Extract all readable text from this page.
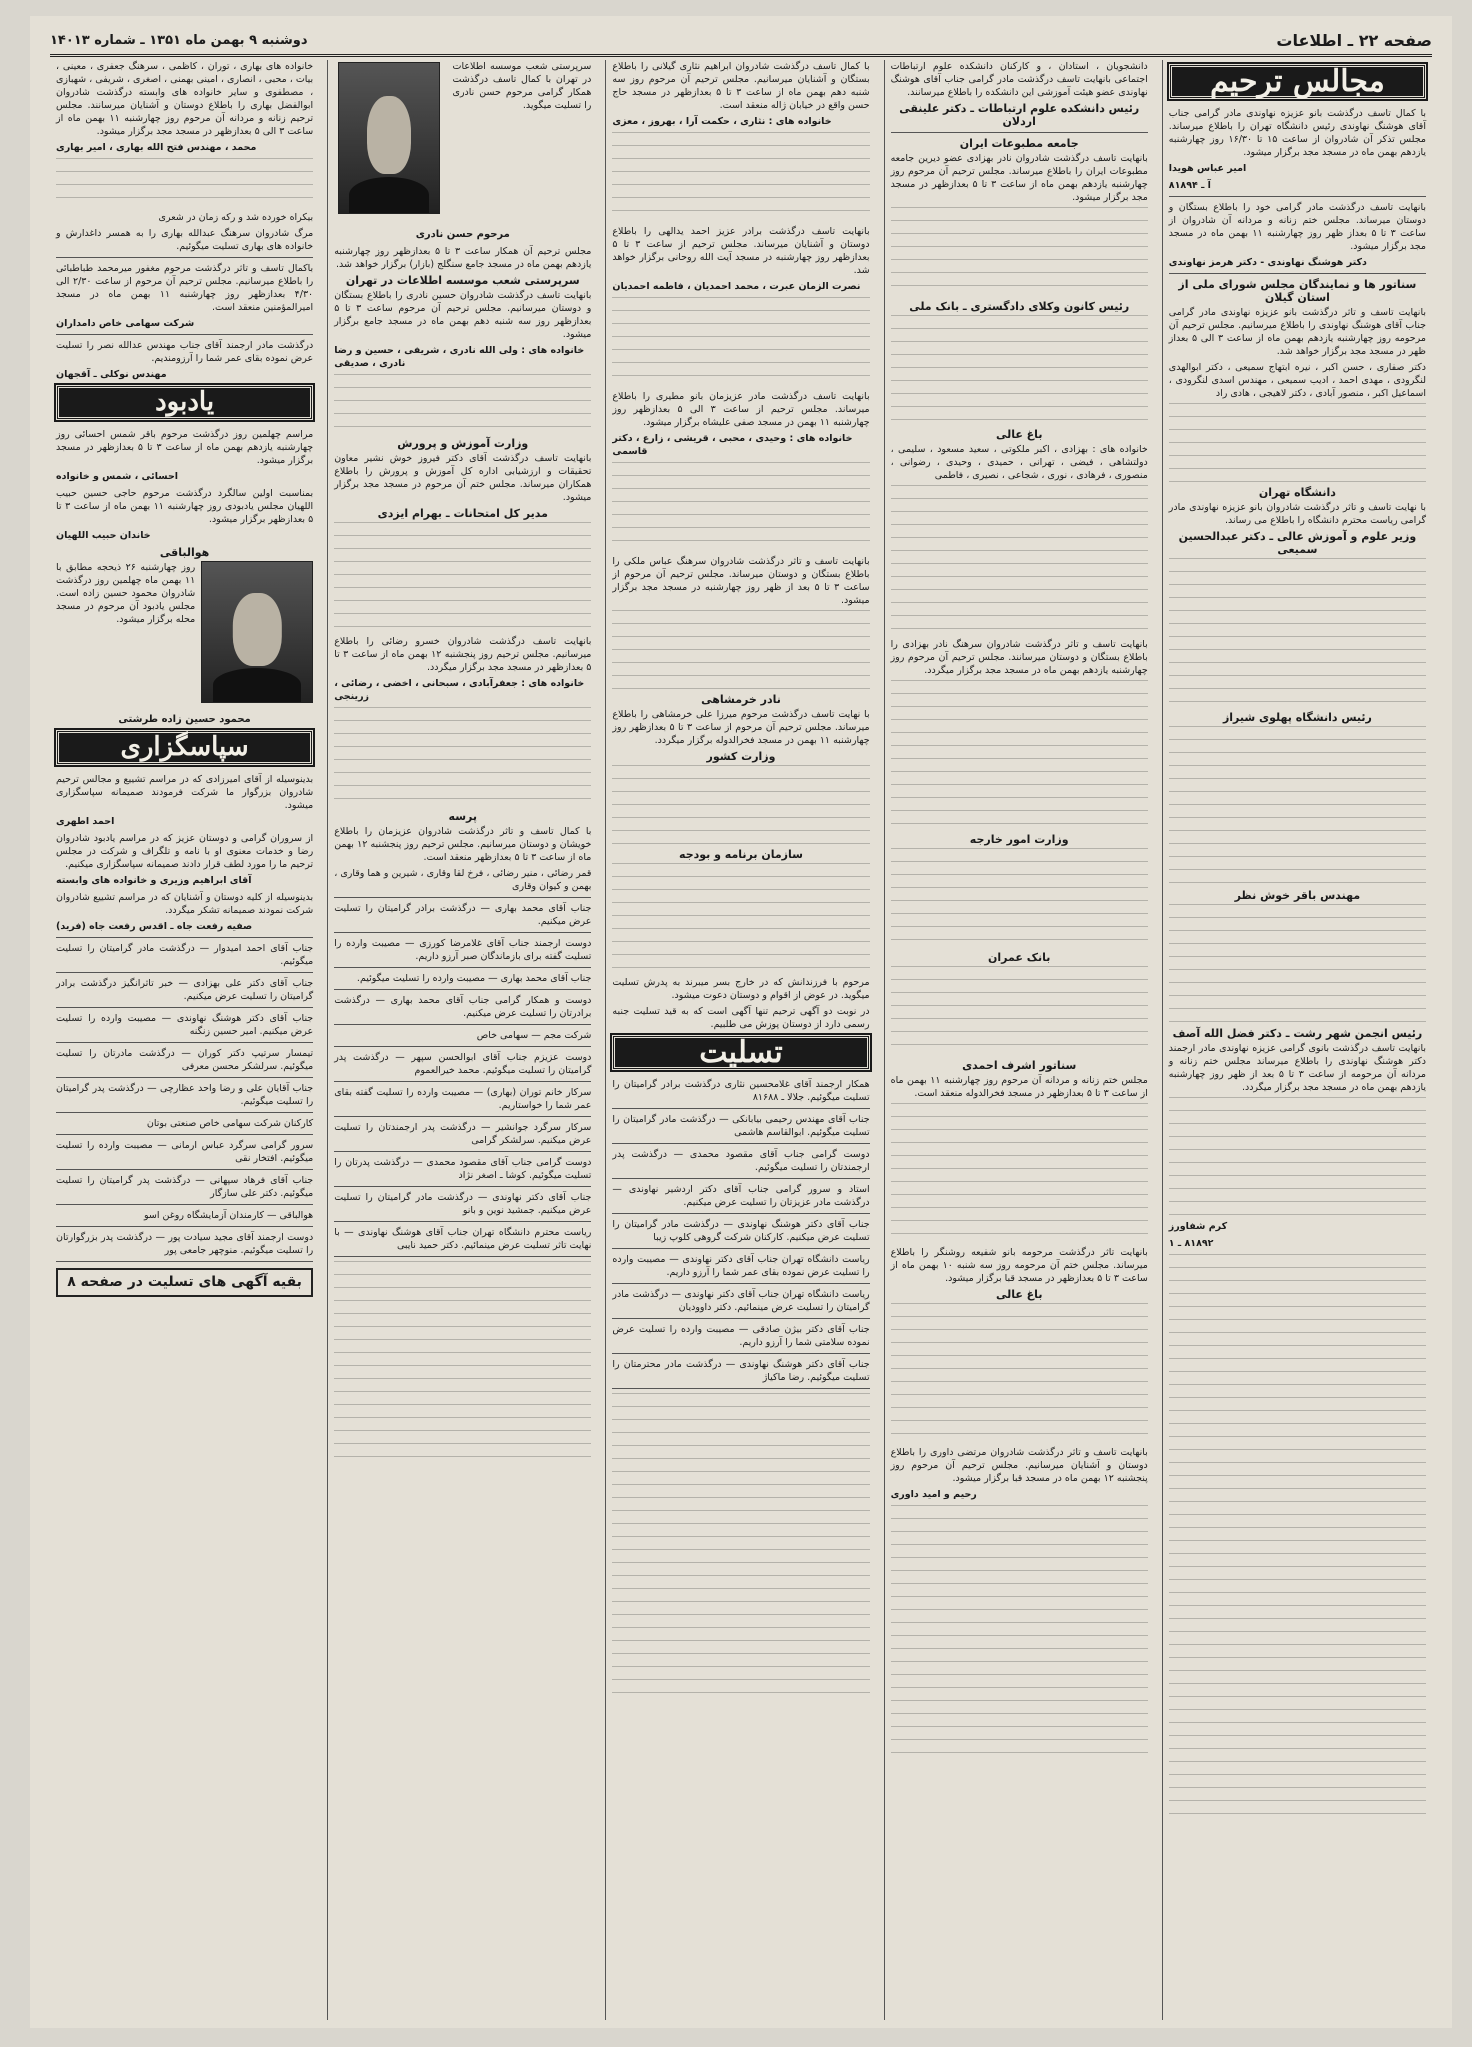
صفحه ۲۲ ـ اطلاعات
دوشنبه ۹ بهمن ماه ۱۳۵۱ ـ شماره ۱۴۰۱۳
مجالس ترحیم

با کمال تاسف درگذشت بانو عزیزه نهاوندی مادر گرامی جناب آقای هوشنگ نهاوندی رئیس دانشگاه تهران را باطلاع میرساند. مجلس تذکر آن شادروان از ساعت ۱۵ تا ۱۶/۳۰ روز چهارشنبه یازدهم بهمن ماه در مسجد مجد برگزار میشود.

امیر عباس هویدا

آ ـ ۸۱۸۹۴

بانهایت تاسف درگذشت مادر گرامی خود را باطلاع بستگان و دوستان میرساند. مجلس ختم زنانه و مردانه آن شادروان از ساعت ۳ تا ۵ بعداز ظهر روز چهارشنبه ۱۱ بهمن ماه در مسجد مجد برگزار میشود.

دکتر هوشنگ نهاوندی - دکتر هرمز نهاوندی

سناتور ها و نمایندگان مجلس شورای ملی از استان گیلان

بانهایت تاسف و تاثر درگذشت بانو عزیزه نهاوندی مادر گرامی جناب آقای هوشنگ نهاوندی را باطلاع میرسانیم. مجلس ترحیم آن مرحومه روز چهارشنبه یازدهم بهمن ماه از ساعت ۳ الی ۵ بعداز ظهر در مسجد مجد برگزار خواهد شد.

دکتر صفاری ، حسن اکبر ، نیره ابتهاج سمیعی ، دکتر ابوالهدی لنگرودی ، مهدی احمد ، ادیب سمیعی ، مهندس اسدی لنگرودی ، اسماعیل اکبر ، منصور آبادی ، دکتر لاهیجی ، هادی راد

دانشگاه تهران

با نهایت تاسف و تاثر درگذشت شادروان بانو عزیزه نهاوندی مادر گرامی ریاست محترم دانشگاه را باطلاع می رساند.

وزیر علوم و آموزش عالی ـ دکتر عبدالحسین سمیعی
رئیس دانشگاه پهلوی شیراز
مهندس باقر خوش نظر
رئیس انجمن شهر رشت ـ دکتر فضل الله آصف

بانهایت تاسف درگذشت بانوی گرامی عزیزه نهاوندی مادر ارجمند دکتر هوشنگ نهاوندی را باطلاع میرساند مجلس ختم زنانه و مردانه آن مرحومه از ساعت ۳ تا ۵ بعد از ظهر روز چهارشنبه یازدهم بهمن ماه در مسجد مجد برگزار میگردد.

کرم شفاورز

۸۱۸۹۲ ـ ۱

دانشجویان ، استادان ، و کارکنان دانشکده علوم ارتباطات اجتماعی بانهایت تاسف درگذشت مادر گرامی جناب آقای هوشنگ نهاوندی عضو هیئت آموزشی این دانشکده را باطلاع میرسانند.

رئیس دانشکده علوم ارتباطات ـ دکتر علینقی اردلان
جامعه مطبوعات ایران

بانهایت تاسف درگذشت شادروان نادر بهزادی عضو دیرین جامعه مطبوعات ایران را باطلاع میرساند. مجلس ترحیم آن مرحوم روز چهارشنبه یازدهم بهمن ماه از ساعت ۳ تا ۵ بعدازظهر در مسجد مجد برگزار میشود.

رئیس کانون وکلای دادگستری ـ بانک ملی
باغ عالی

خانواده های : بهزادی ، اکبر ملکوتی ، سعید مسعود ، سلیمی ، دولتشاهی ، فیضی ، تهرانی ، حمیدی ، وحیدی ، رضوانی ، منصوری ، فرهادی ، نوری ، شجاعی ، نصیری ، فاطمی

بانهایت تاسف و تاثر درگذشت شادروان سرهنگ نادر بهزادی را باطلاع بستگان و دوستان میرسانند. مجلس ترحیم آن مرحوم روز چهارشنبه یازدهم بهمن ماه در مسجد مجد برگزار میگردد.

وزارت امور خارجه
بانک عمران
سناتور اشرف احمدی

مجلس ختم زنانه و مردانه آن مرحوم روز چهارشنبه ۱۱ بهمن ماه از ساعت ۳ تا ۵ بعدازظهر در مسجد فخرالدوله منعقد است.

بانهایت تاثر درگذشت مرحومه بانو شفیعه روشنگر را باطلاع میرساند. مجلس ختم آن مرحومه روز سه شنبه ۱۰ بهمن ماه از ساعت ۳ تا ۵ بعدازظهر در مسجد قبا برگزار میشود.

باغ عالی

بانهایت تاسف و تاثر درگذشت شادروان مرتضی داوری را باطلاع دوستان و آشنایان میرسانیم. مجلس ترحیم آن مرحوم روز پنجشنبه ۱۲ بهمن ماه در مسجد قبا برگزار میشود.

رحیم و امید داوری

با کمال تاسف درگذشت شادروان ابراهیم نثاری گیلانی را باطلاع بستگان و آشنایان میرسانیم. مجلس ترحیم آن مرحوم روز سه شنبه دهم بهمن ماه از ساعت ۳ تا ۵ بعدازظهر در مسجد حاج حسن واقع در خیابان ژاله منعقد است.

خانواده های : نثاری ، حکمت آرا ، بهروز ، معزی

بانهایت تاسف درگذشت برادر عزیز احمد یدالهی را باطلاع دوستان و آشنایان میرساند. مجلس ترحیم از ساعت ۳ تا ۵ بعدازظهر روز چهارشنبه در مسجد آیت الله روحانی برگزار خواهد شد.

نصرت الزمان عبرت ، محمد احمدیان ، فاطمه احمدیان

بانهایت تاسف درگذشت مادر عزیزمان بانو مطیری را باطلاع میرساند. مجلس ترحیم از ساعت ۳ الی ۵ بعدازظهر روز چهارشنبه ۱۱ بهمن در مسجد صفی علیشاه برگزار میشود.

خانواده های : وحیدی ، محبی ، قریشی ، زارع ، دکتر قاسمی

بانهایت تاسف و تاثر درگذشت شادروان سرهنگ عباس ملکی را باطلاع بستگان و دوستان میرساند. مجلس ترحیم آن مرحوم از ساعت ۳ تا ۵ بعد از ظهر روز چهارشنبه در مسجد مجد برگزار میشود.

نادر خرمشاهی

با نهایت تاسف درگذشت مرحوم میرزا علی خرمشاهی را باطلاع میرساند. مجلس ترحیم آن مرحوم از ساعت ۳ تا ۵ بعدازظهر روز چهارشنبه ۱۱ بهمن در مسجد فخرالدوله برگزار میگردد.

وزارت کشور
سازمان برنامه و بودجه

مرحوم با فرزندانش که در خارج بسر میبرند به پدرش تسلیت میگوید. در عوض از اقوام و دوستان دعوت میشود.

در نوبت دو آگهی ترحیم تنها آگهی است که به قید تسلیت جنبه رسمی دارد از دوستان پوزش می طلبیم.

تسلیت

همکار ارجمند آقای غلامحسین نثاری درگذشت برادر گرامیتان را تسلیت میگوئیم. جلالا ـ ۸۱۶۸۸

جناب آقای مهندس رحیمی بیابانکی — درگذشت مادر گرامیتان را تسلیت میگوئیم. ابوالقاسم هاشمی

دوست گرامی جناب آقای مقصود محمدی — درگذشت پدر ارجمندتان را تسلیت میگوئیم.

استاد و سرور گرامی جناب آقای دکتر اردشیر نهاوندی — درگذشت مادر عزیزتان را تسلیت عرض میکنیم.

جناب آقای دکتر هوشنگ نهاوندی — درگذشت مادر گرامیتان را تسلیت عرض میکنیم. کارکنان شرکت گروهی کلوپ زیبا

ریاست دانشگاه تهران جناب آقای دکتر نهاوندی — مصیبت وارده را تسلیت عرض نموده بقای عمر شما را آرزو داریم.

ریاست دانشگاه تهران جناب آقای دکتر نهاوندی — درگذشت مادر گرامیتان را تسلیت عرض مینمائیم. دکتر داوودیان

جناب آقای دکتر بیژن صادقی — مصیبت وارده را تسلیت عرض نموده سلامتی شما را آرزو داریم.

جناب آقای دکتر هوشنگ نهاوندی — درگذشت مادر محترمتان را تسلیت میگوئیم. رضا ماکیاژ

سرپرستی شعب موسسه اطلاعات در تهران با کمال تاسف درگذشت همکار گرامی مرحوم حسن نادری را تسلیت میگوید.

مرحوم حسن نادری

مجلس ترحیم آن همکار ساعت ۳ تا ۵ بعدازظهر روز چهارشنبه یازدهم بهمن ماه در مسجد جامع سنگلج (بازار) برگزار خواهد شد.

سرپرستی شعب موسسه اطلاعات در تهران

بانهایت تاسف درگذشت شادروان حسین نادری را باطلاع بستگان و دوستان میرسانیم. مجلس ترحیم آن مرحوم ساعت ۳ تا ۵ بعدازظهر روز سه شنبه دهم بهمن ماه در مسجد جامع برگزار میشود.

خانواده های : ولی الله نادری ، شریفی ، حسین و رضا نادری ، صدیقی

وزارت آموزش و پرورش

بانهایت تاسف درگذشت آقای دکتر فیروز خوش نشیر معاون تحقیقات و ارزشیابی اداره کل آموزش و پرورش را باطلاع همکاران میرساند. مجلس ختم آن مرحوم در مسجد مجد برگزار میشود.

مدیر کل امتحانات ـ بهرام ایزدی

بانهایت تاسف درگذشت شادروان خسرو رضائی را باطلاع میرسانیم. مجلس ترحیم روز پنجشنبه ۱۲ بهمن ماه از ساعت ۳ تا ۵ بعدازظهر در مسجد مجد برگزار میگردد.

خانواده های : جعفرآبادی ، سبحانی ، اخضی ، رضائی ، زرینجی

پرسه

با کمال تاسف و تاثر درگذشت شادروان عزیزمان را باطلاع خویشان و دوستان میرسانیم. مجلس ترحیم روز پنجشنبه ۱۲ بهمن ماه از ساعت ۳ تا ۵ بعدازظهر منعقد است.

قمر رضائی ، منیر رضائی ، فرخ لقا وقاری ، شیرین و هما وقاری ، بهمن و کیوان وقاری

جناب آقای محمد بهاری — درگذشت برادر گرامیتان را تسلیت عرض میکنیم.

دوست ارجمند جناب آقای غلامرضا کورزی — مصیبت وارده را تسلیت گفته برای بازماندگان صبر آرزو داریم.

جناب آقای محمد بهاری — مصیبت وارده را تسلیت میگوئیم.

دوست و همکار گرامی جناب آقای محمد بهاری — درگذشت برادرتان را تسلیت عرض میکنیم.

شرکت مجم — سهامی خاص

دوست عزیزم جناب آقای ابوالحسن سپهر — درگذشت پدر گرامیتان را تسلیت میگوئیم. محمد خیرالعموم

سرکار خانم توران (بهاری) — مصیبت وارده را تسلیت گفته بقای عمر شما را خواستاریم.

سرکار سرگرد جوانشیر — درگذشت پدر ارجمندتان را تسلیت عرض میکنیم. سرلشکر گرامی

دوست گرامی جناب آقای مقصود محمدی — درگذشت پدرتان را تسلیت میگوئیم. کوشا ـ اصغر نژاد

جناب آقای دکتر نهاوندی — درگذشت مادر گرامیتان را تسلیت عرض میکنیم. جمشید نوین و بانو

ریاست محترم دانشگاه تهران جناب آقای هوشنگ نهاوندی — با نهایت تاثر تسلیت عرض مینمائیم. دکتر حمید نایبی

خانواده های بهاری ، توران ، کاظمی ، سرهنگ جعفری ، معینی ، بیات ، محبی ، انصاری ، امینی بهمنی ، اصغری ، شریفی ، شهبازی ، مصطفوی و سایر خانواده های وابسته درگذشت شادروان ابوالفضل بهاری را باطلاع دوستان و آشنایان میرسانند. مجلس ترحیم زنانه و مردانه آن مرحوم روز چهارشنبه ۱۱ بهمن ماه از ساعت ۳ الی ۵ بعدازظهر در مسجد مجد برگزار میشود.

محمد ، مهندس فتح الله بهاری ، امیر بهاری

بیکراه خورده شد و رکه زمان در شعری

مرگ شادروان سرهنگ عبدالله بهاری را به همسر داغدارش و خانواده های بهاری تسلیت میگوئیم.

باکمال تاسف و تاثر درگذشت مرحوم مغفور میرمحمد طباطبائی را باطلاع میرسانیم. مجلس ترحیم آن مرحوم از ساعت ۲/۳۰ الی ۴/۳۰ بعدازظهر روز چهارشنبه ۱۱ بهمن ماه در مسجد امیرالمؤمنین منعقد است.

شرکت سهامی خاص دامداران

درگذشت مادر ارجمند آقای جناب مهندس عدالله نصر را تسلیت عرض نموده بقای عمر شما را آرزومندیم.

مهندس نوکلی ـ آقجهان

یادبود

مراسم چهلمین روز درگذشت مرحوم باقر شمس احسائی روز چهارشنبه یازدهم بهمن ماه از ساعت ۳ تا ۵ بعدازظهر در مسجد برگزار میشود.

احسائی ، شمس و خانواده

بمناسبت اولین سالگرد درگذشت مرحوم حاجی حسین حبیب اللهیان مجلس یادبودی روز چهارشنبه ۱۱ بهمن ماه از ساعت ۳ تا ۵ بعدازظهر برگزار میشود.

خاندان حبیب اللهیان

هوالباقی

روز چهارشنبه ۲۶ ذیحجه مطابق با ۱۱ بهمن ماه چهلمین روز درگذشت شادروان محمود حسین زاده است. مجلس یادبود آن مرحوم در مسجد محله برگزار میشود.

محمود حسین زاده طرشتی

سپاسگزاری

بدینوسیله از آقای امیرزادی که در مراسم تشییع و مجالس ترحیم شادروان بزرگوار ما شرکت فرمودند صمیمانه سپاسگزاری میشود.

احمد اطهری

از سروران گرامی و دوستان عزیز که در مراسم یادبود شادروان رضا و خدمات معنوی او با نامه و تلگراف و شرکت در مجلس ترحیم ما را مورد لطف قرار دادند صمیمانه سپاسگزاری میکنیم.

آقای ابراهیم وزیری و خانواده های وابسته

بدینوسیله از کلیه دوستان و آشنایان که در مراسم تشییع شادروان شرکت نمودند صمیمانه تشکر میگردد.

صفیه رفعت جاه ـ اقدس رفعت جاه (فرید)

جناب آقای احمد امیدوار — درگذشت مادر گرامیتان را تسلیت میگوئیم.

جناب آقای دکتر علی بهزادی — خبر تاثرانگیز درگذشت برادر گرامیتان را تسلیت عرض میکنیم.

جناب آقای دکتر هوشنگ نهاوندی — مصیبت وارده را تسلیت عرض میکنیم. امیر حسین زنگنه

تیمسار سرتیپ دکتر کوران — درگذشت مادرتان را تسلیت میگوئیم. سرلشکر محسن معرفی

جناب آقایان علی و رضا واحد عظارچی — درگذشت پدر گرامیتان را تسلیت میگوئیم.

کارکنان شرکت سهامی خاص صنعتی بوتان

سرور گرامی سرگرد عباس ارمانی — مصیبت وارده را تسلیت میگوئیم. افتخار نقی

جناب آقای فرهاد سپهانی — درگذشت پدر گرامیتان را تسلیت میگوئیم. دکتر علی سازگار

هوالباقی — کارمندان آزمایشگاه روغن اسو

دوست ارجمند آقای مجید سیادت پور — درگذشت پدر بزرگوارتان را تسلیت میگوئیم. منوچهر جامعی پور

بقیه آگهی های تسلیت در صفحه ۸
